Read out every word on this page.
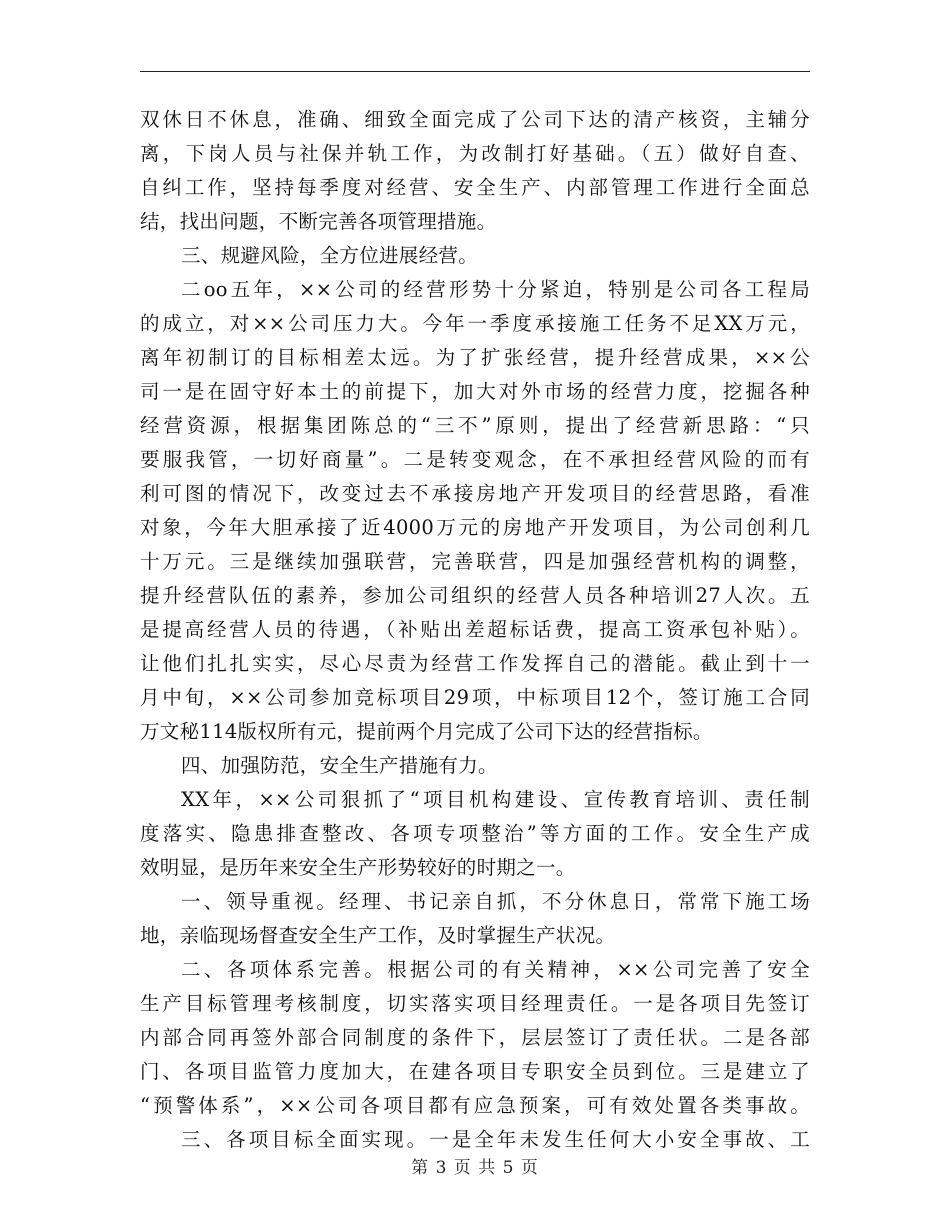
双休日不休息，准确、细致全面完成了公司下达的清产核资，主辅分
离，下岗人员与社保并轨工作，为改制打好基础。（五）做好自查、
自纠工作，坚持每季度对经营、安全生产、内部管理工作进行全面总
结，找出问题，不断完善各项管理措施。
三、规避风险，全方位进展经营。
二oo五年，××公司的经营形势十分紧迫，特别是公司各工程局
的成立，对××公司压力大。今年一季度承接施工任务不足XX万元，
离年初制订的目标相差太远。为了扩张经营，提升经营成果，××公
司一是在固守好本土的前提下，加大对外市场的经营力度，挖掘各种
经营资源，根据集团陈总的“三不”原则，提出了经营新思路：“只
要服我管，一切好商量”。二是转变观念，在不承担经营风险的而有
利可图的情况下，改变过去不承接房地产开发项目的经营思路，看准
对象，今年大胆承接了近4000万元的房地产开发项目，为公司创利几
十万元。三是继续加强联营，完善联营，四是加强经营机构的调整，
提升经营队伍的素养，参加公司组织的经营人员各种培训27人次。五
是提高经营人员的待遇，（补贴出差超标话费，提高工资承包补贴）。
让他们扎扎实实，尽心尽责为经营工作发挥自己的潜能。截止到十一
月中旬，××公司参加竞标项目29项，中标项目12个，签订施工合同
万文秘114版权所有元，提前两个月完成了公司下达的经营指标。
四、加强防范，安全生产措施有力。
XX年，××公司狠抓了“项目机构建设、宣传教育培训、责任制
度落实、隐患排查整改、各项专项整治”等方面的工作。安全生产成
效明显，是历年来安全生产形势较好的时期之一。
一、领导重视。经理、书记亲自抓，不分休息日，常常下施工场
地，亲临现场督查安全生产工作，及时掌握生产状况。
二、各项体系完善。根据公司的有关精神，××公司完善了安全
生产目标管理考核制度，切实落实项目经理责任。一是各项目先签订
内部合同再签外部合同制度的条件下，层层签订了责任状。二是各部
门、各项目监管力度加大，在建各项目专职安全员到位。三是建立了
“预警体系”，××公司各项目都有应急预案，可有效处置各类事故。
三、各项目标全面实现。一是全年未发生任何大小安全事故、工
第 3 页 共 5 页
